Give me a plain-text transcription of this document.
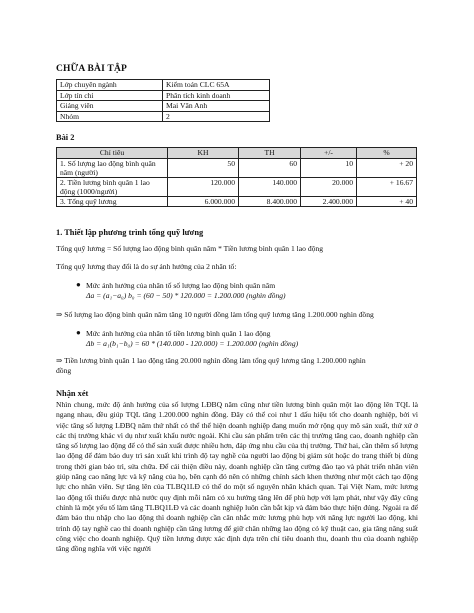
CHỮA BÀI TẬP
Lớp chuyên ngành	Kiểm toán CLC 65A
Lớp tín chỉ	Phân tích kinh doanh
Giảng viên	Mai Vân Anh
Nhóm	2
Bài 2
Chỉ tiêu	KH	TH	+/-	%
1. Số lượng lao động bình quân năm (người)	50	60	10	+ 20
2. Tiền lương bình quân 1 lao động (1000/người)	120.000	140.000	20.000	+ 16.67
3. Tổng quỹ lương	6.000.000	8.400.000	2.400.000	+ 40
1. Thiết lập phương trình tổng quỹ lương
Tổng quỹ lương = Số lượng lao động bình quân năm * Tiền lương bình quân 1 lao động
Tổng quỹ lương thay đổi là do sự ảnh hưởng của 2 nhân tố:
● Mức ảnh hưởng của nhân tố số lượng lao động bình quân năm
Δa = (a₁−a₀) b₀ = (60 − 50) * 120.000 = 1.200.000 (nghìn đồng)
⇒ Số lượng lao động bình quân năm tăng 10 người đồng làm tổng quỹ lương tăng 1.200.000 nghìn đồng
● Mức ảnh hưởng của nhân tố tiền lương bình quân 1 lao động
Δb = a₁(b₁−b₀) = 60 * (140.000 - 120.000) = 1.200.000 (nghìn đồng)
⇒ Tiền lương bình quân 1 lao động tăng 20.000 nghìn đồng làm tổng quỹ lương tăng 1.200.000 nghìn
đồng
Nhận xét
Nhìn chung, mức độ ảnh hưởng của số lượng LĐBQ năm cũng như tiền lương bình quân một lao động lên TQL là ngang nhau, đều giúp TQL tăng 1.200.000 nghìn đồng. Đây có thể coi như 1 dấu hiệu tốt cho doanh nghiệp, bởi vì việc tăng số lượng LĐBQ năm thứ nhất có thể thể hiện doanh nghiệp đang muốn mở rộng quy mô sản xuất, thứ xứ ở các thị trường khác vì dụ như xuất khẩu nước ngoài. Khi cầu sản phẩm trên các thị trường tăng cao, doanh nghiệp cần tăng số lượng lao động để có thể sản xuất được nhiều hơn, đáp ứng nhu cầu của thị trường. Thứ hai, cần thêm số lượng lao động để đảm bảo duy trì sản xuất khi trình độ tay nghề của người lao động bị giảm sút hoặc do trang thiết bị dùng trong thời gian bảo trì, sửa chữa. Để cải thiện điều này, doanh nghiệp cần tăng cường đào tạo và phát triển nhân viên giúp nâng cao năng lực và kỹ năng của họ, bên cạnh đó nên có những chính sách khen thưởng như một cách tạo động lực cho nhân viên. Sự tăng lên của TLBQ1LĐ có thể do một số nguyên nhân khách quan. Tại Việt Nam, mức lương lao động tối thiểu được nhà nước quy định mỗi năm có xu hướng tăng lên để phù hợp với lạm phát, như vậy đây cũng chính là một yếu tố làm tăng TLBQ1LĐ và các doanh nghiệp luôn cần bắt kịp và đảm bảo thực hiện đúng. Ngoài ra để đảm bảo thu nhập cho lao động thì doanh nghiệp cần cân nhắc mức lương phù hợp với năng lực người lao động, khi trình độ tay nghề cao thì doanh nghiệp cần tăng lương để giữ chân những lao động có kỹ thuật cao, gia tăng năng suất công việc cho doanh nghiệp. Quỹ tiền lương được xác định dựa trên chỉ tiêu doanh thu, doanh thu của doanh nghiệp tăng đồng nghĩa với việc người
